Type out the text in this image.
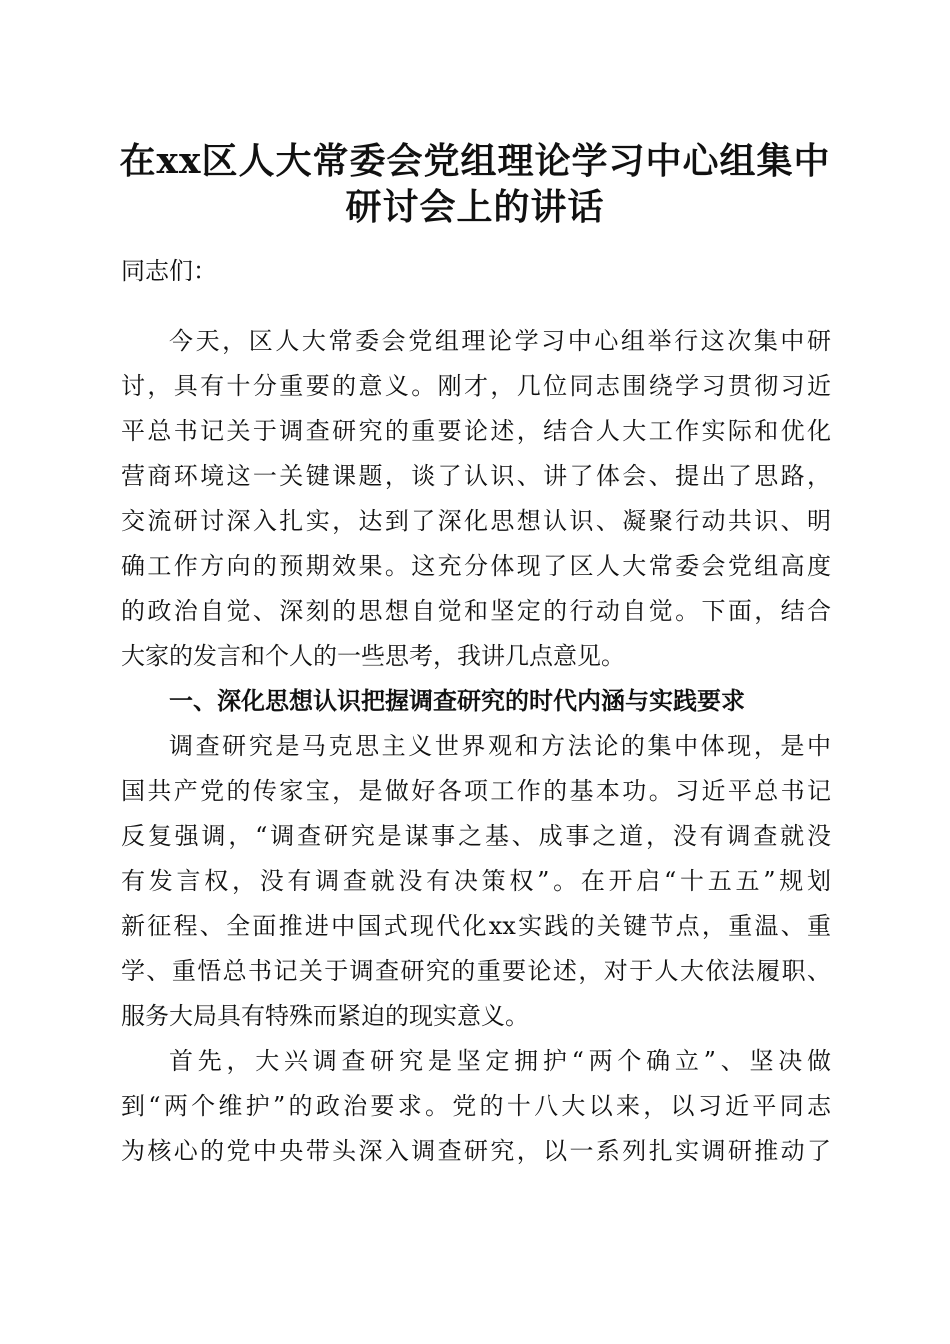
在xx区人大常委会党组理论学习中心组集中
研讨会上的讲话
同志们：
今天，区人大常委会党组理论学习中心组举行这次集中研
讨，具有十分重要的意义。刚才，几位同志围绕学习贯彻习近
平总书记关于调查研究的重要论述，结合人大工作实际和优化
营商环境这一关键课题，谈了认识、讲了体会、提出了思路，
交流研讨深入扎实，达到了深化思想认识、凝聚行动共识、明
确工作方向的预期效果。这充分体现了区人大常委会党组高度
的政治自觉、深刻的思想自觉和坚定的行动自觉。下面，结合
大家的发言和个人的一些思考，我讲几点意见。
一、深化思想认识把握调查研究的时代内涵与实践要求
调查研究是马克思主义世界观和方法论的集中体现，是中
国共产党的传家宝，是做好各项工作的基本功。习近平总书记
反复强调，“调查研究是谋事之基、成事之道，没有调查就没
有发言权，没有调查就没有决策权”。在开启“十五五”规划
新征程、全面推进中国式现代化xx实践的关键节点，重温、重
学、重悟总书记关于调查研究的重要论述，对于人大依法履职、
服务大局具有特殊而紧迫的现实意义。
首先，大兴调查研究是坚定拥护“两个确立”、坚决做
到“两个维护”的政治要求。党的十八大以来，以习近平同志
为核心的党中央带头深入调查研究，以一系列扎实调研推动了
